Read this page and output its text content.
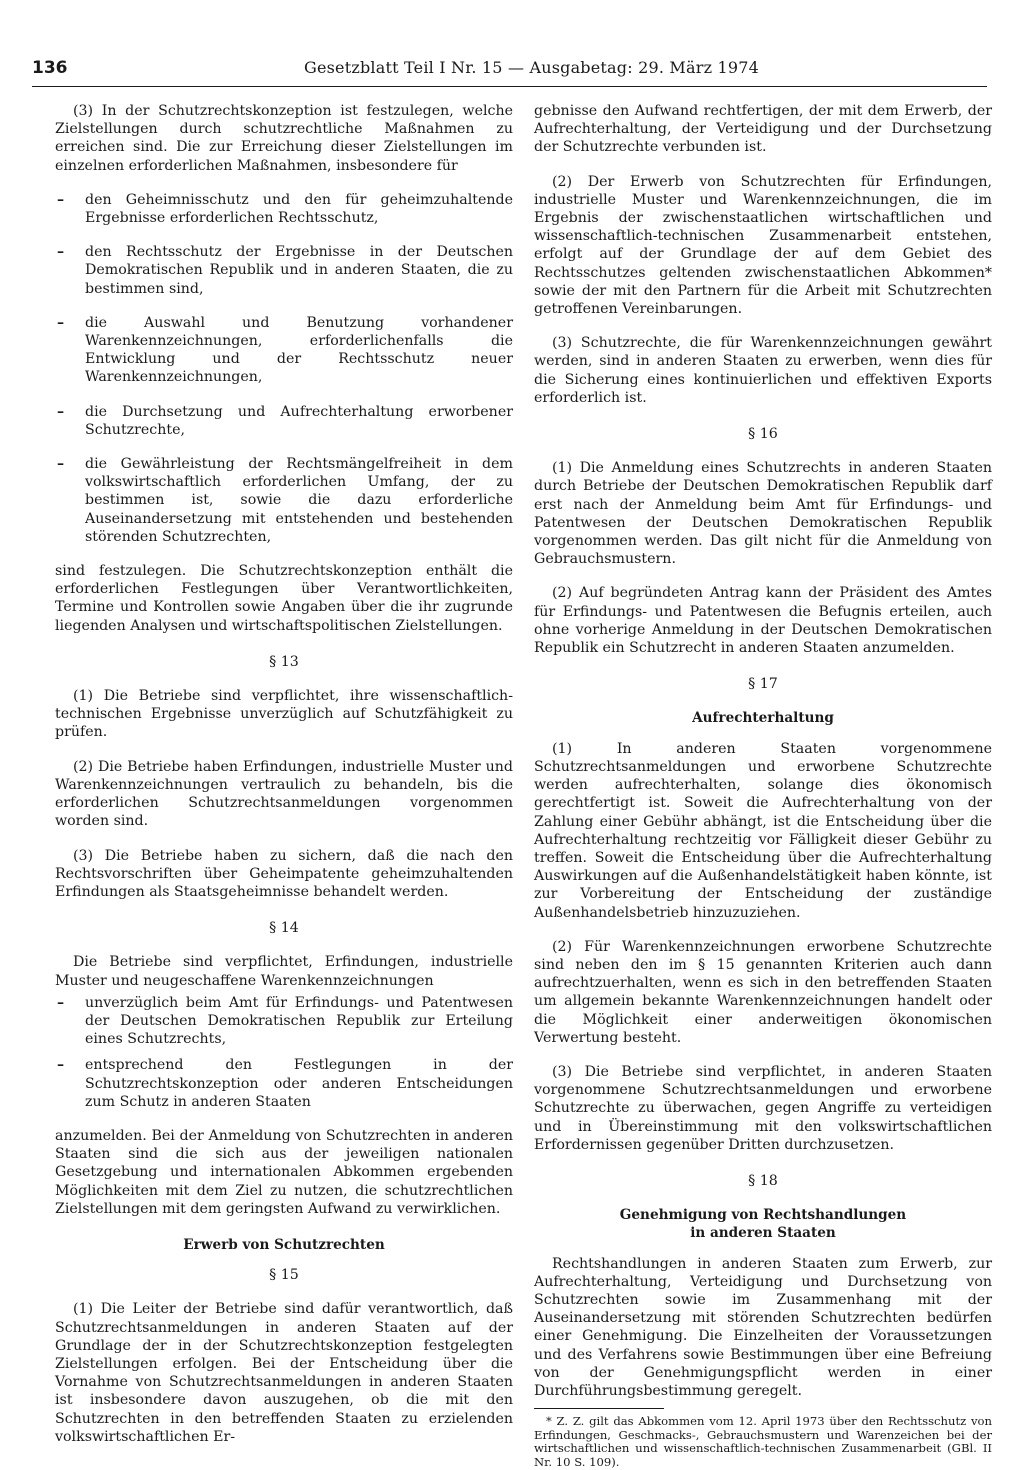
136	Gesetzblatt Teil I Nr. 15 — Ausgabetag: 29. März 1974

(3) In der Schutzrechtskonzeption ist festzulegen, welche Zielstellungen durch schutzrechtliche Maßnahmen zu erreichen sind. Die zur Erreichung dieser Zielstellungen im einzelnen erforderlichen Maßnahmen, insbesondere für

– den Geheimnisschutz und den für geheimzuhaltende Ergebnisse erforderlichen Rechtsschutz,
– den Rechtsschutz der Ergebnisse in der Deutschen Demokratischen Republik und in anderen Staaten, die zu bestimmen sind,
– die Auswahl und Benutzung vorhandener Warenkennzeichnungen, erforderlichenfalls die Entwicklung und der Rechtsschutz neuer Warenkennzeichnungen,
– die Durchsetzung und Aufrechterhaltung erworbener Schutzrechte,
– die Gewährleistung der Rechtsmängelfreiheit in dem volkswirtschaftlich erforderlichen Umfang, der zu bestimmen ist, sowie die dazu erforderliche Auseinandersetzung mit entstehenden und bestehenden störenden Schutzrechten,

sind festzulegen. Die Schutzrechtskonzeption enthält die erforderlichen Festlegungen über Verantwortlichkeiten, Termine und Kontrollen sowie Angaben über die ihr zugrunde liegenden Analysen und wirtschaftspolitischen Zielstellungen.

§ 13

(1) Die Betriebe sind verpflichtet, ihre wissenschaftlich-technischen Ergebnisse unverzüglich auf Schutzfähigkeit zu prüfen.

(2) Die Betriebe haben Erfindungen, industrielle Muster und Warenkennzeichnungen vertraulich zu behandeln, bis die erforderlichen Schutzrechtsanmeldungen vorgenommen worden sind.

(3) Die Betriebe haben zu sichern, daß die nach den Rechtsvorschriften über Geheimpatente geheimzuhaltenden Erfindungen als Staatsgeheimnisse behandelt werden.

§ 14

Die Betriebe sind verpflichtet, Erfindungen, industrielle Muster und neugeschaffene Warenkennzeichnungen

– unverzüglich beim Amt für Erfindungs- und Patentwesen der Deutschen Demokratischen Republik zur Erteilung eines Schutzrechts,
– entsprechend den Festlegungen in der Schutzrechtskonzeption oder anderen Entscheidungen zum Schutz in anderen Staaten

anzumelden. Bei der Anmeldung von Schutzrechten in anderen Staaten sind die sich aus der jeweiligen nationalen Gesetzgebung und internationalen Abkommen ergebenden Möglichkeiten mit dem Ziel zu nutzen, die schutzrechtlichen Zielstellungen mit dem geringsten Aufwand zu verwirklichen.

Erwerb von Schutzrechten
§ 15

(1) Die Leiter der Betriebe sind dafür verantwortlich, daß Schutzrechtsanmeldungen in anderen Staaten auf der Grundlage der in der Schutzrechtskonzeption festgelegten Zielstellungen erfolgen. Bei der Entscheidung über die Vornahme von Schutzrechtsanmeldungen in anderen Staaten ist insbesondere davon auszugehen, ob die mit den Schutzrechten in den betreffenden Staaten zu erzielenden volkswirtschaftlichen Er-

gebnisse den Aufwand rechtfertigen, der mit dem Erwerb, der Aufrechterhaltung, der Verteidigung und der Durchsetzung der Schutzrechte verbunden ist.

(2) Der Erwerb von Schutzrechten für Erfindungen, industrielle Muster und Warenkennzeichnungen, die im Ergebnis der zwischenstaatlichen wirtschaftlichen und wissenschaftlich-technischen Zusammenarbeit entstehen, erfolgt auf der Grundlage der auf dem Gebiet des Rechtsschutzes geltenden zwischenstaatlichen Abkommen* sowie der mit den Partnern für die Arbeit mit Schutzrechten getroffenen Vereinbarungen.

(3) Schutzrechte, die für Warenkennzeichnungen gewährt werden, sind in anderen Staaten zu erwerben, wenn dies für die Sicherung eines kontinuierlichen und effektiven Exports erforderlich ist.

§ 16

(1) Die Anmeldung eines Schutzrechts in anderen Staaten durch Betriebe der Deutschen Demokratischen Republik darf erst nach der Anmeldung beim Amt für Erfindungs- und Patentwesen der Deutschen Demokratischen Republik vorgenommen werden. Das gilt nicht für die Anmeldung von Gebrauchsmustern.

(2) Auf begründeten Antrag kann der Präsident des Amtes für Erfindungs- und Patentwesen die Befugnis erteilen, auch ohne vorherige Anmeldung in der Deutschen Demokratischen Republik ein Schutzrecht in anderen Staaten anzumelden.

§ 17
Aufrechterhaltung

(1) In anderen Staaten vorgenommene Schutzrechtsanmeldungen und erworbene Schutzrechte werden aufrechterhalten, solange dies ökonomisch gerechtfertigt ist. Soweit die Aufrechterhaltung von der Zahlung einer Gebühr abhängt, ist die Entscheidung über die Aufrechterhaltung rechtzeitig vor Fälligkeit dieser Gebühr zu treffen. Soweit die Entscheidung über die Aufrechterhaltung Auswirkungen auf die Außenhandelstätigkeit haben könnte, ist zur Vorbereitung der Entscheidung der zuständige Außenhandelsbetrieb hinzuzuziehen.

(2) Für Warenkennzeichnungen erworbene Schutzrechte sind neben den im § 15 genannten Kriterien auch dann aufrechtzuerhalten, wenn es sich in den betreffenden Staaten um allgemein bekannte Warenkennzeichnungen handelt oder die Möglichkeit einer anderweitigen ökonomischen Verwertung besteht.

(3) Die Betriebe sind verpflichtet, in anderen Staaten vorgenommene Schutzrechtsanmeldungen und erworbene Schutzrechte zu überwachen, gegen Angriffe zu verteidigen und in Übereinstimmung mit den volkswirtschaftlichen Erfordernissen gegenüber Dritten durchzusetzen.

§ 18
Genehmigung von Rechtshandlungen
in anderen Staaten

Rechtshandlungen in anderen Staaten zum Erwerb, zur Aufrechterhaltung, Verteidigung und Durchsetzung von Schutzrechten sowie im Zusammenhang mit der Auseinandersetzung mit störenden Schutzrechten bedürfen einer Genehmigung. Die Einzelheiten der Voraussetzungen und des Verfahrens sowie Bestimmungen über eine Befreiung von der Genehmigungspflicht werden in einer Durchführungsbestimmung geregelt.

* Z. Z. gilt das Abkommen vom 12. April 1973 über den Rechtsschutz von Erfindungen, Geschmacks-, Gebrauchsmustern und Warenzeichen bei der wirtschaftlichen und wissenschaftlich-technischen Zusammenarbeit (GBl. II Nr. 10 S. 109).
